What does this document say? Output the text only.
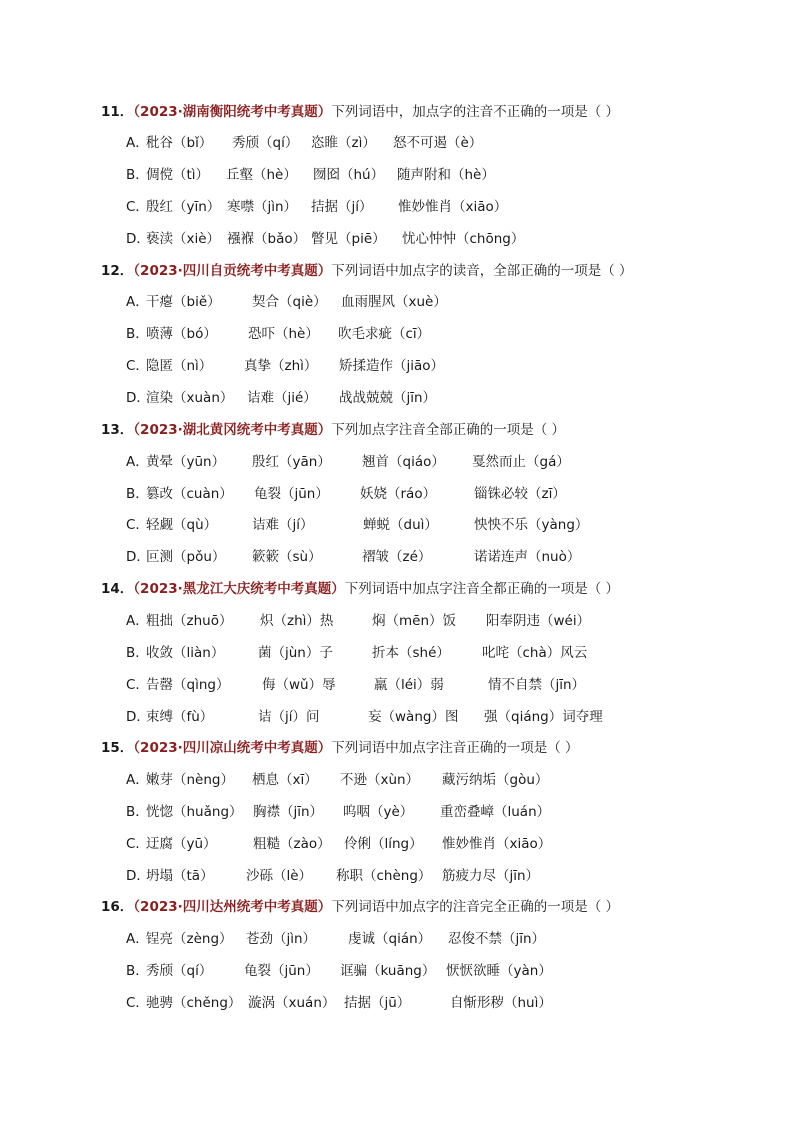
11．（2023·湖南衡阳统考中考真题）下列词语中，加点字的注音不正确的一项是（ ）
A．
秕谷（bǐ） 秀颀（qí） 恣睢（zì） 怒不可遏（è）
B．
倜傥（tì） 丘壑（hè） 囫囵（hú） 随声附和（hè）
C．
殷红（yīn） 寒噤（jìn） 拮据（jí） 惟妙惟肖（xiāo）
D．
亵渎（xiè） 襁褓（bǎo） 瞥见（piē） 忧心忡忡（chōng）
12．（2023·四川自贡统考中考真题）下列词语中加点字的读音，全部正确的一项是（ ）
A．
干瘪（biě） 契合（qiè） 血雨腥风（xuè）
B．
喷薄（bó） 恐吓（hè） 吹毛求疵（cī）
C．
隐匿（nì） 真挚（zhì） 矫揉造作（jiāo）
D．
渲染（xuàn） 诘难（jié） 战战兢兢（jīn）
13．（2023·湖北黄冈统考中考真题）下列加点字注音全部正确的一项是（ ）
A．
黄晕（yūn） 殷红（yān） 翘首（qiáo） 戛然而止（gá）
B．
篡改（cuàn） 龟裂（jūn） 妖娆（ráo）	锱铢必较（zī）
C．
轻觑（qù）	诘难（jí）	蝉蜕（duì）	怏怏不乐（yàng）
D．
叵测（pǒu） 簌簌（sù）	褶皱（zé）	诺诺连声（nuò）
14．（2023·黑龙江大庆统考中考真题）下列词语中加点字注音全都正确的一项是（ ）
A．
粗拙（zhuō） 炽（zhì）热	焖（mēn）饭 阳奉阴违（wéi）
B．
收敛（liàn） 菌（jùn）子	折本（shé） 叱咤（chà）风云
C．
告罄（qìng） 侮（wǔ）辱	羸（léi）弱	情不自禁（jīn）
D．
束缚（fù）	诘（jí）问	妄（wàng）图 强（qiáng）词夺理
15．（2023·四川凉山统考中考真题）下列词语中加点字注音正确的一项是（ ）
A．
嫩芽（nèng） 栖息（xī） 不逊（xùn） 藏污纳垢（gòu）
B．
恍惚（huǎng） 胸襟（jīn） 呜咽（yè） 重峦叠嶂（luán）
C．
迂腐（yū）	粗糙（zào） 伶俐（líng） 惟妙惟肖（xiāo）
D．
坍塌（tā） 沙砾（lè） 称职（chèng） 筋疲力尽（jīn）
16．（2023·四川达州统考中考真题）下列词语中加点字的注音完全正确的一项是（ ）
A．
锃亮（zèng） 苍劲（jìn） 虔诚（qián） 忍俊不禁（jīn）
B．
秀颀（qí） 龟裂（jūn） 诓骗（kuāng） 恹恹欲睡（yàn）
C．
驰骋（chěng） 漩涡（xuán） 拮据（jū）	自惭形秽（huì）
